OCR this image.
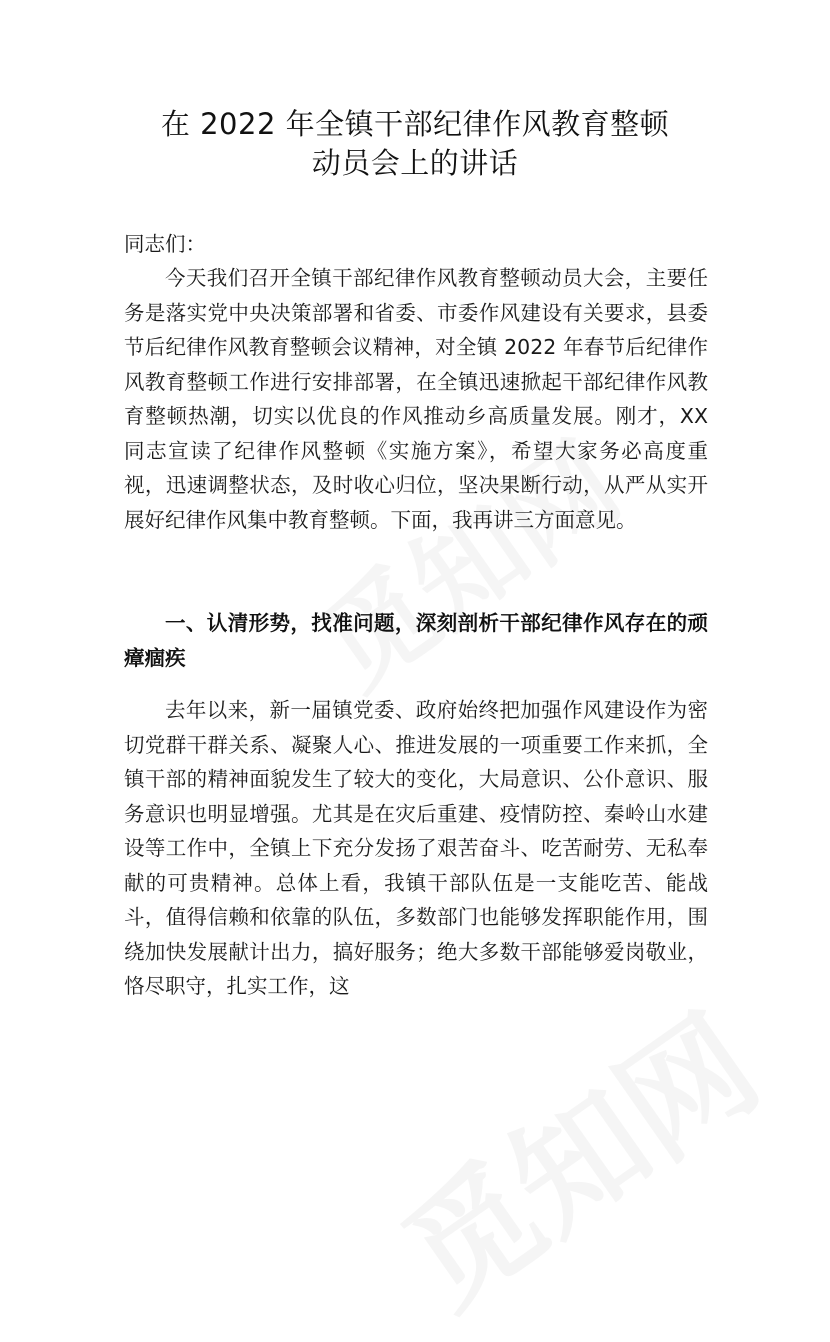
在 2022 年全镇干部纪律作风教育整顿
动员会上的讲话
同志们：
今天我们召开全镇干部纪律作风教育整顿动员大会，主要任务是落实党中央决策部署和省委、市委作风建设有关要求，县委节后纪律作风教育整顿会议精神，对全镇 2022 年春节后纪律作风教育整顿工作进行安排部署，在全镇迅速掀起干部纪律作风教育整顿热潮，切实以优良的作风推动乡高质量发展。刚才，XX 同志宣读了纪律作风整顿《实施方案》，希望大家务必高度重视，迅速调整状态，及时收心归位，坚决果断行动，从严从实开展好纪律作风集中教育整顿。下面，我再讲三方面意见。
一、认清形势，找准问题，深刻剖析干部纪律作风存在的顽瘴痼疾
去年以来，新一届镇党委、政府始终把加强作风建设作为密切党群干群关系、凝聚人心、推进发展的一项重要工作来抓，全镇干部的精神面貌发生了较大的变化，大局意识、公仆意识、服务意识也明显增强。尤其是在灾后重建、疫情防控、秦岭山水建设等工作中，全镇上下充分发扬了艰苦奋斗、吃苦耐劳、无私奉献的可贵精神。总体上看，我镇干部队伍是一支能吃苦、能战斗，值得信赖和依靠的队伍，多数部门也能够发挥职能作用，围绕加快发展献计出力，搞好服务；绝大多数干部能够爱岗敬业，恪尽职守，扎实工作，这
